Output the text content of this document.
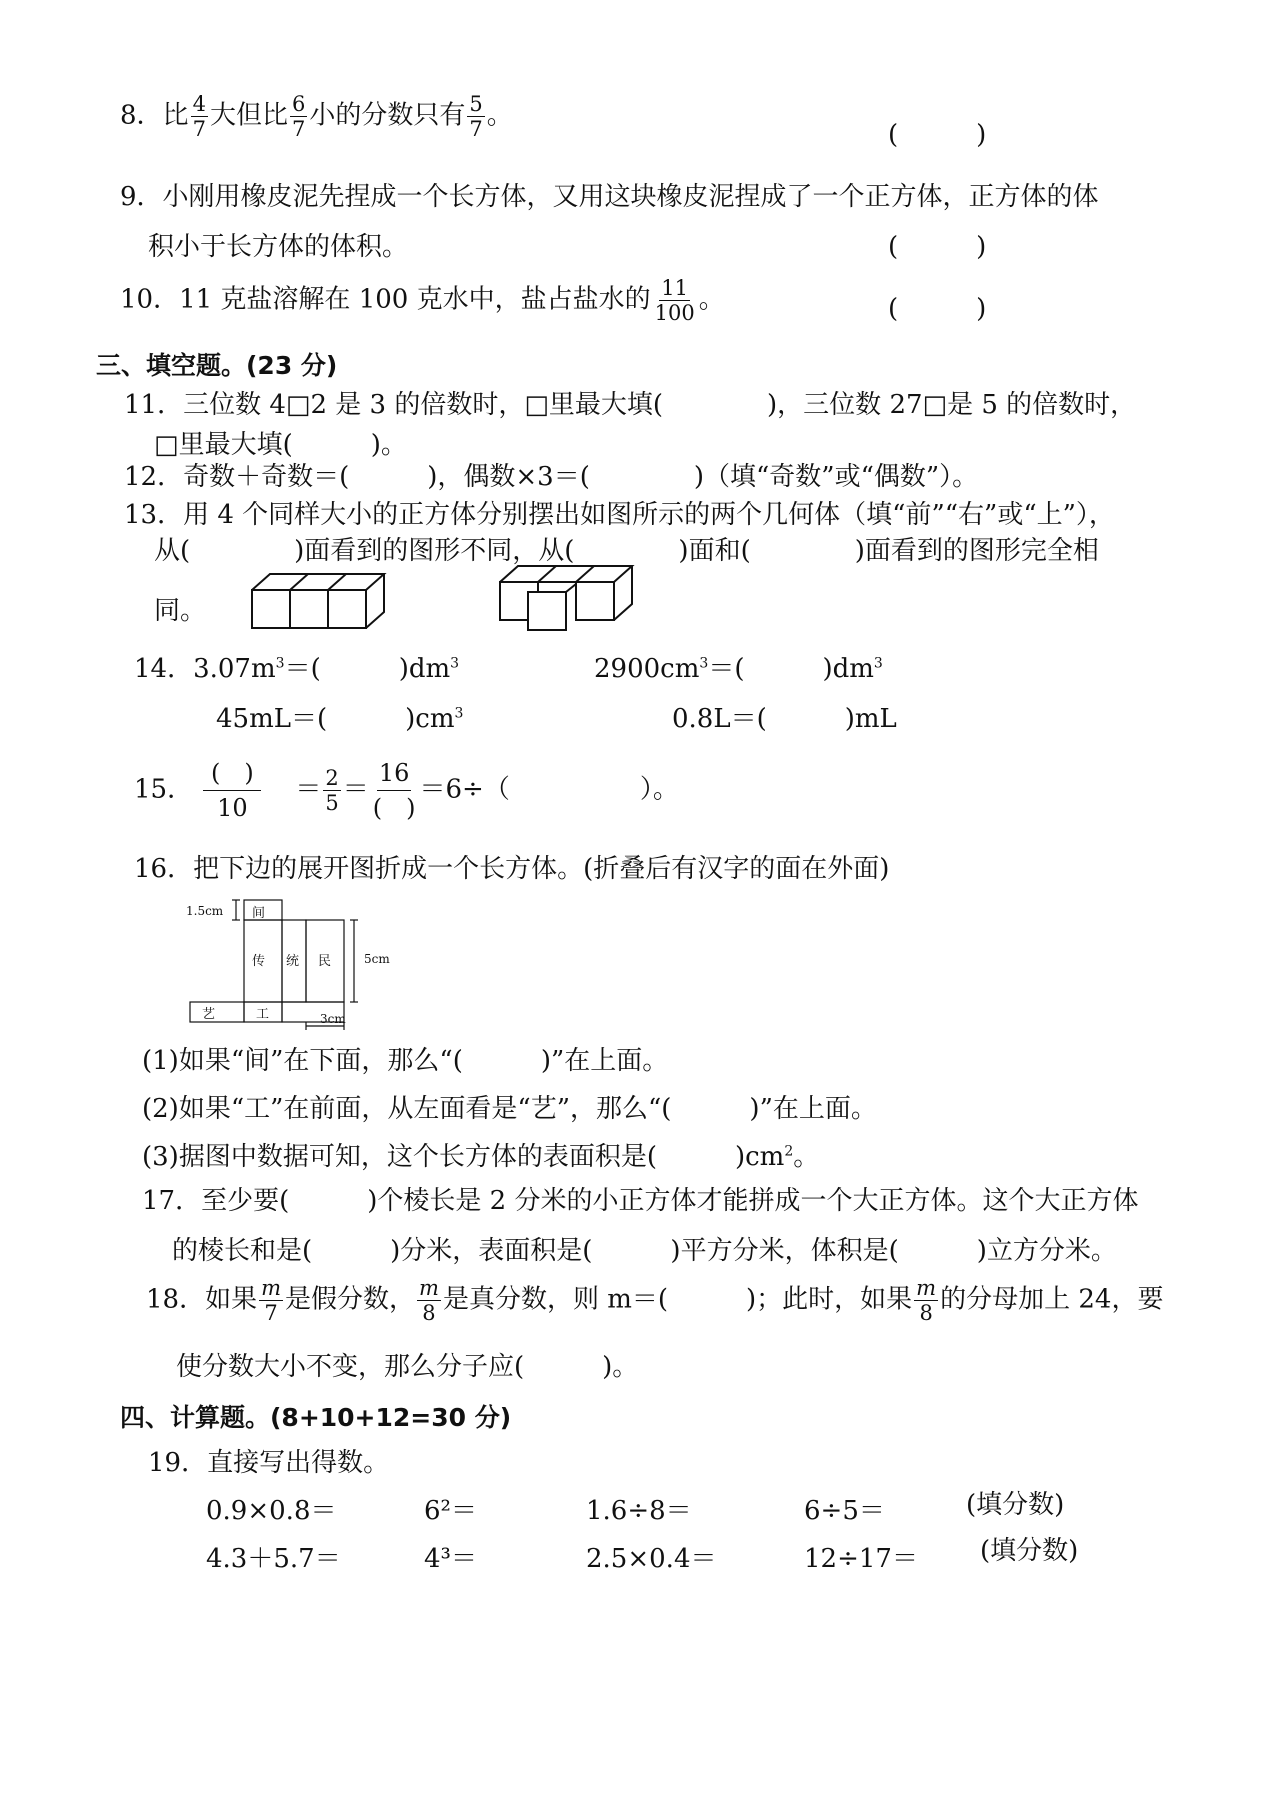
8．比 $\frac{4}{7}$ 大但比 $\frac{6}{7}$ 小的分数只有 $\frac{5}{7}$ 。
(　　　)
9．小刚用橡皮泥先捏成一个长方体，又用这块橡皮泥捏成了一个正方体，正方体的体
积小于长方体的体积。	(　　　)
10．11 克盐溶解在 100 克水中，盐占盐水的 $\frac{11}{100}$ 。	(　　　)
三、填空题。(23 分)
11．三位数 4□2 是 3 的倍数时，□里最大填(　　　　)，三位数 27□是 5 的倍数时，
□里最大填(　　　)。
12．奇数＋奇数＝(　　　)，偶数×3＝(　　　　)（填“奇数”或“偶数”）。
13．用 4 个同样大小的正方体分别摆出如图所示的两个几何体（填“前”“右”或“上”），
从(　　　　)面看到的图形不同，从(　　　　)面和(　　　　)面看到的图形完全相
同。
14．$3.07m^3=$(　　　)$dm^3$	$2900cm^3=$(　　　)$dm^3$
45mL＝(　　　)$cm^3$	0.8L＝(　　　)mL
15． $\frac{( )}{10} = \frac{2}{5} = \frac{16}{( )} =6\div$（　　　　　）。
16．把下边的展开图折成一个长方体。(折叠后有汉字的面在外面)
间
传 统 民
艺	工
1.5cm
5cm
3cm
(1)如果“间”在下面，那么“(　　　)”在上面。
(2)如果“工”在前面，从左面看是“艺”，那么“(　　　)”在上面。
(3)据图中数据可知，这个长方体的表面积是(　　　)$cm^2$。
17．至少要(　　　)个棱长是 2 分米的小正方体才能拼成一个大正方体。这个大正方体
的棱长和是(　　　)分米，表面积是(　　　)平方分米，体积是(　　　)立方分米。
18．如果 $\frac{m}{7}$ 是假分数， $\frac{m}{8}$ 是真分数，则 m＝(　　　)；此时，如果 $\frac{m}{8}$ 的分母加上 24，要
使分数大小不变，那么分子应(　　　)。
四、计算题。(8+10+12=30 分)
19．直接写出得数。
0.9×0.8＝	6²＝	1.6÷8＝	6÷5＝	(填分数)
4.3＋5.7＝	4³＝	2.5×0.4＝	12÷17＝ (填分数)
